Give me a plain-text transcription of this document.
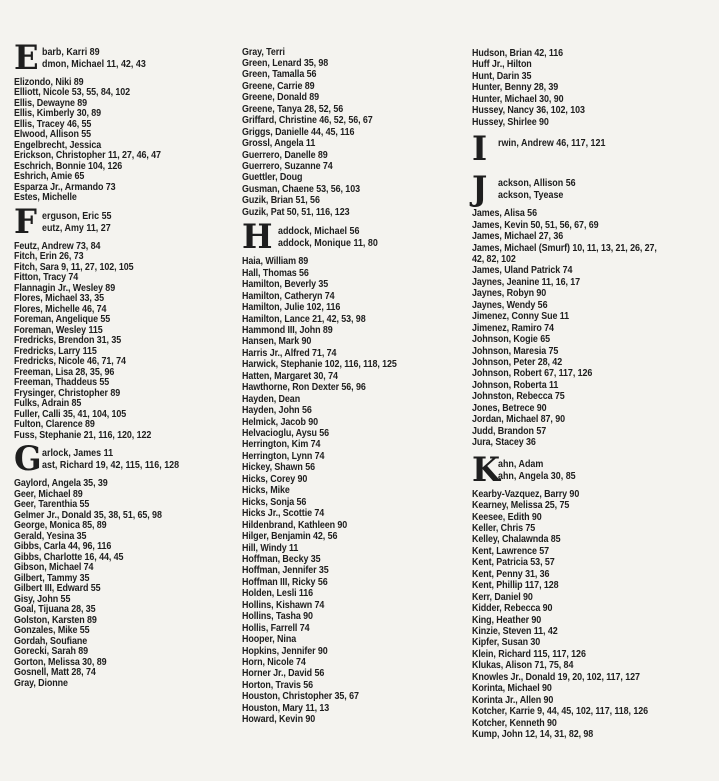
E barb, Karri 89
dmon, Michael 11, 42, 43
Elizondo, Niki 89
Elliott, Nicole 53, 55, 84, 102
Ellis, Dewayne 89
Ellis, Kimberly 30, 89
Ellis, Tracey 46, 55
Elwood, Allison 55
Engelbrecht, Jessica
Erickson, Christopher 11, 27, 46, 47
Eschrich, Bonnie 104, 126
Eshrich, Amie 65
Esparza Jr., Armando 73
Estes, Michelle
F erguson, Eric 55
eutz, Amy 11, 27
Feutz, Andrew 73, 84
Fitch, Erin 26, 73
Fitch, Sara 9, 11, 27, 102, 105
Fitton, Tracy 74
Flannagin Jr., Wesley 89
Flores, Michael 33, 35
Flores, Michelle 46, 74
Foreman, Angelique 55
Foreman, Wesley 115
Fredricks, Brendon 31, 35
Fredricks, Larry 115
Fredricks, Nicole 46, 71, 74
Freeman, Lisa 28, 35, 96
Freeman, Thaddeus 55
Frysinger, Christopher 89
Fulks, Adrain 85
Fuller, Calli 35, 41, 104, 105
Fulton, Clarence 89
Fuss, Stephanie 21, 116, 120, 122
G arlock, James 11
ast, Richard 19, 42, 115, 116, 128
Gaylord, Angela 35, 39
Geer, Michael 89
Geer, Tarenthia 55
Gelmer Jr., Donald 35, 38, 51, 65, 98
George, Monica 85, 89
Gerald, Yesina 35
Gibbs, Carla 44, 96, 116
Gibbs, Charlotte 16, 44, 45
Gibson, Michael 74
Gilbert, Tammy 35
Gilbert III, Edward 55
Gisy, John 55
Goal, Tijuana 28, 35
Golston, Karsten 89
Gonzales, Mike 55
Gordah, Soufiane
Gorecki, Sarah 89
Gorton, Melissa 30, 89
Gosnell, Matt 28, 74
Gray, Dionne
Gray, Terri
Green, Lenard 35, 98
Green, Tamalla 56
Greene, Carrie 89
Greene, Donald 89
Greene, Tanya 28, 52, 56
Griffard, Christine 46, 52, 56, 67
Griggs, Danielle 44, 45, 116
Grossl, Angela 11
Guerrero, Danelle 89
Guerrero, Suzanne 74
Guettler, Doug
Gusman, Chaene 53, 56, 103
Guzik, Brian 51, 56
Guzik, Pat 50, 51, 116, 123
H addock, Michael 56
addock, Monique 11, 80
Haia, William 89
Hall, Thomas 56
Hamilton, Beverly 35
Hamilton, Catheryn 74
Hamilton, Julie 102, 116
Hamilton, Lance 21, 42, 53, 98
Hammond III, John 89
Hansen, Mark 90
Harris Jr., Alfred 71, 74
Harwick, Stephanie 102, 116, 118, 125
Hatten, Margaret 30, 74
Hawthorne, Ron Dexter 56, 96
Hayden, Dean
Hayden, John 56
Helmick, Jacob 90
Helvacioglu, Aysu 56
Herrington, Kim 74
Herrington, Lynn 74
Hickey, Shawn 56
Hicks, Corey 90
Hicks, Mike
Hicks, Sonja 56
Hicks Jr., Scottie 74
Hildenbrand, Kathleen 90
Hilger, Benjamin 42, 56
Hill, Windy 11
Hoffman, Becky 35
Hoffman, Jennifer 35
Hoffman III, Ricky 56
Holden, Lesli 116
Hollins, Kishawn 74
Hollins, Tasha 90
Hollis, Farrell 74
Hooper, Nina
Hopkins, Jennifer 90
Horn, Nicole 74
Horner Jr., David 56
Horton, Travis 56
Houston, Christopher 35, 67
Houston, Mary 11, 13
Howard, Kevin 90
Hudson, Brian 42, 116
Huff Jr., Hilton
Hunt, Darin 35
Hunter, Benny 28, 39
Hunter, Michael 30, 90
Hussey, Nancy 36, 102, 103
Hussey, Shirlee 90
I rwin, Andrew 46, 117, 121
J ackson, Allison 56
ackson, Tyease
James, Alisa 56
James, Kevin 50, 51, 56, 67, 69
James, Michael 27, 36
James, Michael (Smurf) 10, 11, 13, 21, 26, 27,
42, 82, 102
James, Uland Patrick 74
Jaynes, Jeanine 11, 16, 17
Jaynes, Robyn 90
Jaynes, Wendy 56
Jimenez, Conny Sue 11
Jimenez, Ramiro 74
Johnson, Kogie 65
Johnson, Maresia 75
Johnson, Peter 28, 42
Johnson, Robert 67, 117, 126
Johnson, Roberta 11
Johnston, Rebecca 75
Jones, Betrece 90
Jordan, Michael 87, 90
Judd, Brandon 57
Jura, Stacey 36
K
ahn, Adam
ahn, Angela 30, 85
Kearby-Vazquez, Barry 90
Kearney, Melissa 25, 75
Keesee, Edith 90
Keller, Chris 75
Kelley, Chalawnda 85
Kent, Lawrence 57
Kent, Patricia 53, 57
Kent, Penny 31, 36
Kent, Phillip 117, 128
Kerr, Daniel 90
Kidder, Rebecca 90
King, Heather 90
Kinzie, Steven 11, 42
Kipfer, Susan 30
Klein, Richard 115, 117, 126
Klukas, Alison 71, 75, 84
Knowles Jr., Donald 19, 20, 102, 117, 127
Korinta, Michael 90
Korinta Jr., Allen 90
Kotcher, Karrie 9, 44, 45, 102, 117, 118, 126
Kotcher, Kenneth 90
Kump, John 12, 14, 31, 82, 98
